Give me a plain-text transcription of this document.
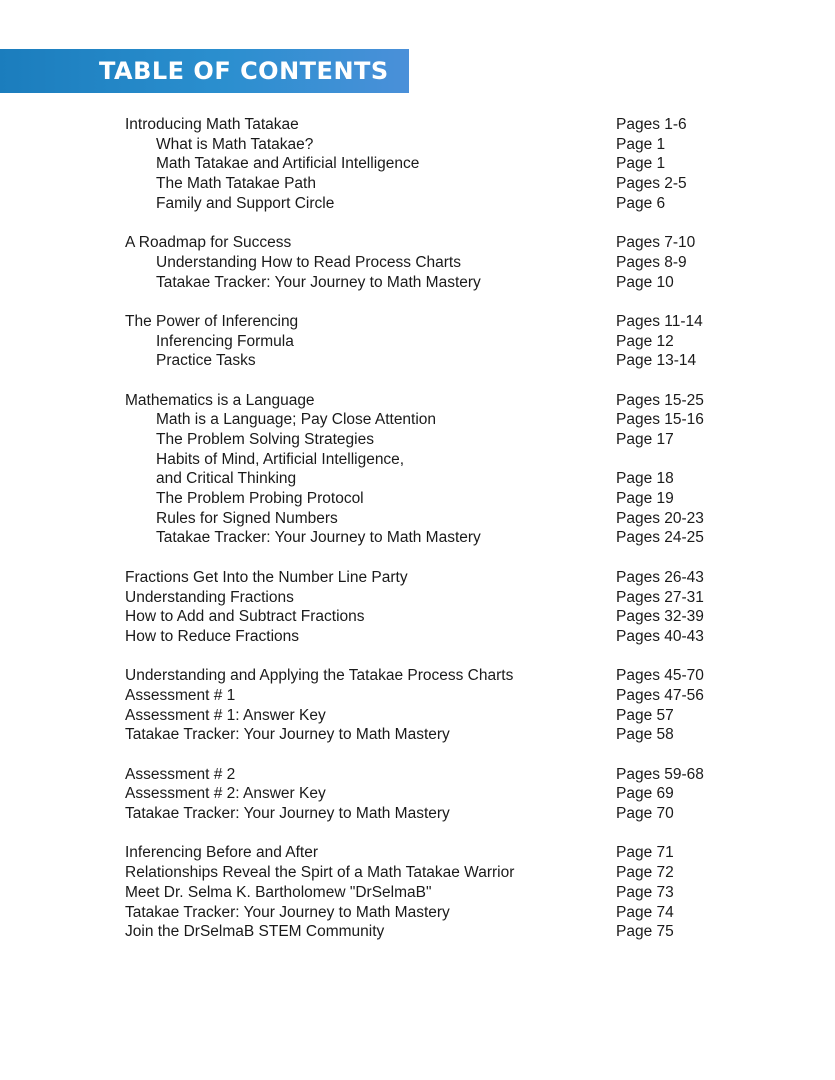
TABLE OF CONTENTS
Introducing Math Tatakae	Pages 1-6
What is Math Tatakae?	Page 1
Math Tatakae and Artificial Intelligence	Page 1
The Math Tatakae Path	Pages 2-5
Family and Support Circle	Page 6
A Roadmap for Success	Pages 7-10
Understanding How to Read Process Charts	Pages 8-9
Tatakae Tracker: Your Journey to Math Mastery	Page 10
The Power of Inferencing	Pages 11-14
Inferencing Formula	Page 12
Practice Tasks	Page 13-14
Mathematics is a Language	Pages 15-25
Math is a Language; Pay Close Attention	Pages 15-16
The Problem Solving Strategies	Page 17
Habits of Mind, Artificial Intelligence,
and Critical Thinking	Page 18
The Problem Probing Protocol	Page 19
Rules for Signed Numbers	Pages 20-23
Tatakae Tracker: Your Journey to Math Mastery	Pages 24-25
Fractions Get Into the Number Line Party	Pages 26-43
Understanding Fractions	Pages 27-31
How to Add and Subtract Fractions	Pages 32-39
How to Reduce Fractions	Pages 40-43
Understanding and Applying the Tatakae Process Charts	Pages 45-70
Assessment # 1	Pages 47-56
Assessment # 1: Answer Key	Page 57
Tatakae Tracker: Your Journey to Math Mastery	Page 58
Assessment # 2	Pages 59-68
Assessment # 2: Answer Key	Page 69
Tatakae Tracker: Your Journey to Math Mastery	Page 70
Inferencing Before and After	Page 71
Relationships Reveal the Spirt of a Math Tatakae Warrior	Page 72
Meet Dr. Selma K. Bartholomew "DrSelmaB"	Page 73
Tatakae Tracker: Your Journey to Math Mastery	Page 74
Join the DrSelmaB STEM Community	Page 75
